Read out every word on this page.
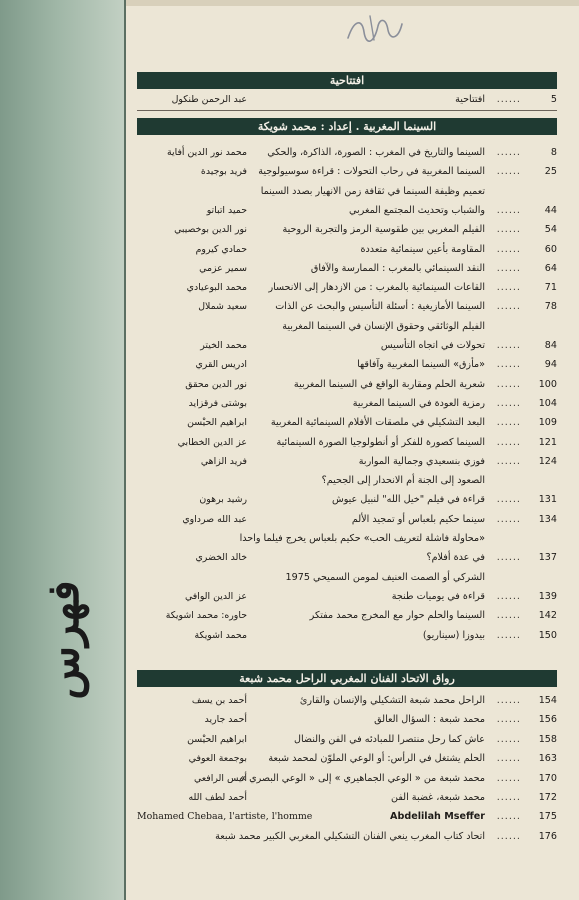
فهرس
افتتاحية
5
......
افتتاحية
عبد الرحمن طنكول
السينما المغربية . إعداد : محمد شويكة
8
......
السينما والتاريخ في المغرب : الصورة، الذاكرة، والحكي
محمد نور الدين أفاية
25
......
السينما المغربية في رحاب التحولات : قراءة سوسيولوجية
فريد بوجيدة
تعميم وظيفة السينما في ثقافة زمن الانهيار بصدد السينما
44
......
والشباب وتحديث المجتمع المغربي
حميد اتباتو
54
......
الفيلم المغربي بين طقوسية الرمز والتجربة الروحية
نور الدين بوخصيبي
60
......
المقاومة بأعين سينمائية متعددة
حمادي كيروم
64
......
النقد السينمائي بالمغرب : الممارسة والآفاق
سمير عزمي
71
......
القاعات السينمائية بالمغرب : من الازدهار إلى الانحسار
محمد البوعيادي
78
......
السينما الأمازيغية : أسئلة التأسيس والبحث عن الذات
سعيد شملال
الفيلم الوثائقي وحقوق الإنسان في السينما المغربية
84
......
تحولات في اتجاه التأسيس
محمد الخيتر
94
......
«مأزق» السينما المغربية وآفاقها
ادريس القري
100
......
شعرية الحلم ومقاربة الواقع في السينما المغربية
نور الدين محقق
104
......
رمزية العودة في السينما المغربية
بوشتى فرقزايد
109
......
البعد التشكيلي في ملصقات الأفلام السينمائية المغربية
ابراهيم الحيْسن
121
......
السينما كصورة للفكر أو أنطولوجيا الصورة السينمائية
عز الدين الخطابي
124
......
فوزي بنسعيدي وجمالية المواربة
فريد الزاهي
الصعود إلى الجنة أم الانحدار إلى الجحيم؟
131
......
قراءة في فيلم "خيل الله" لنبيل عيوش
رشيد برهون
134
......
سينما حكيم بلعباس أو تمجيد الألم
عبد الله صرداوي
«محاولة فاشلة لتعريف الحب» حكيم بلعباس يخرج فيلما واحدا
137
......
في عدة أفلام؟
خالد الخضري
الشركي أو الصمت العنيف لمومن السميحي 1975
139
......
قراءة في يوميات طنجة
عز الدين الوافي
142
......
السينما والحلم حوار مع المخرج محمد مفتكر
حاوره: محمد اشويكة
150
......
بيدوزا (سيناريو)
محمد اشويكة
رواق الاتحاد الفنان المغربي الراحل محمد شبعة
154
......
الراحل محمد شبعة التشكيلي والإنسان والقارئ
أحمد بن يسف
156
......
محمد شبعة : السؤال العالق
أحمد جاريد
158
......
عاش كما رحل منتصرا للمبادئه في الفن والنضال
ابراهيم الحيْسن
163
......
الحلم يشتغل في الرأس: أو الوعي الملوّن لمحمد شبعة
بوجمعة العوفي
170
......
محمد شبعة من « الوعي الجماهيري » إلى « الوعي البصري »
أنيس الرافعي
172
......
محمد شبعة، غضبة الفن
أحمد لطف الله
175
......
Abdelilah Mseffer
Mohamed Chebaa, l'artiste, l'homme
176
......
اتحاد كتاب المغرب ينعي الفنان التشكيلي المغربي الكبير محمد شبعة
